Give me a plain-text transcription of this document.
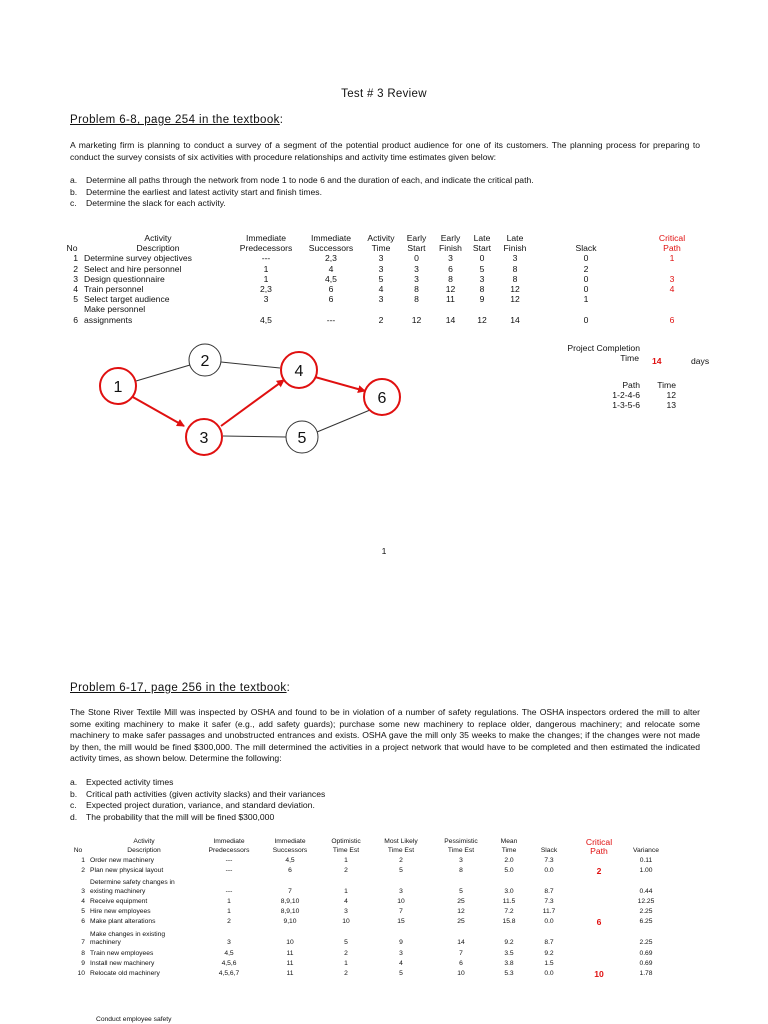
Test # 3 Review
Problem 6-8, page 254 in the textbook:
A marketing firm is planning to conduct a survey of a segment of the potential product audience for one of its customers. The planning process for preparing to conduct the survey consists of six activities with procedure relationships and activity time estimates given below:
a.	Determine all paths through the network from node 1 to node 6 and the duration of each, and indicate the critical path.
b.	Determine the earliest and latest activity start and finish times.
c.	Determine the slack for each activity.
	Activity	Immediate	Immediate	Activity	Early	Early	Late	Late		Critical
No	Description	Predecessors	Successors	Time	Start	Finish	Start	Finish	Slack	Path
1	Determine survey objectives	---	2,3	3	0	3	0	3	0	1
2	Select and hire personnel	1	4	3	3	6	5	8	2	
3	Design questionnaire	1	4,5	5	3	8	3	8	0	3
4	Train personnel	2,3	6	4	8	12	8	12	0	4
5	Select target audience	3	6	3	8	11	9	12	1	
6	Make personnel
assignments	4,5	---	2	12	14	12	14	0	6
Project Completion
Time 14	days
Path	Time
1-2-4-6	12
1-3-5-6	13
1
2
3
4
5
6
1
Problem 6-17, page 256 in the textbook:
The Stone River Textile Mill was inspected by OSHA and found to be in violation of a number of safety regulations. The OSHA inspectors ordered the mill to alter some exiting machinery to make it safer (e.g., add safety guards); purchase some new machinery to replace older, dangerous machinery; and relocate some machinery to make safer passages and unobstructed entrances and exists. OSHA gave the mill only 35 weeks to make the changes; if the changes were not made by then, the mill would be fined $300,000. The mill determined the activities in a project network that would have to be completed and then estimated the indicated activity times, as shown below. Determine the following:
a.	Expected activity times
b.	Critical path activities (given activity slacks) and their variances
c.	Expected project duration, variance, and standard deviation.
d.	The probability that the mill will be fined $300,000
	Activity	Immediate	Immediate	Optimistic	Most Likely	Pessimistic	Mean		Critical	
No	Description	Predecessors	Successors	Time Est	Time Est	Time Est	Time	Slack	Path	Variance
1	Order new machinery	---	4,5	1	2	3	2.0	7.3		0.11
2	Plan new physical layout	---	6	2	5	8	5.0	0.0	2	1.00
3	Determine safety changes in
existing machinery	---	7	1	3	5	3.0	8.7		0.44
4	Receive equipment	1	8,9,10	4	10	25	11.5	7.3		12.25
5	Hire new employees	1	8,9,10	3	7	12	7.2	11.7		2.25
6	Make plant alterations	2	9,10	10	15	25	15.8	0.0	6	6.25
7	Make changes in existing
machinery	3	10	5	9	14	9.2	8.7		2.25
8	Train new employees	4,5	11	2	3	7	3.5	9.2		0.69
9	Install new machinery	4,5,6	11	1	4	6	3.8	1.5		0.69
10	Relocate old machinery	4,5,6,7	11	2	5	10	5.3	0.0	10	1.78
Conduct employee safety
